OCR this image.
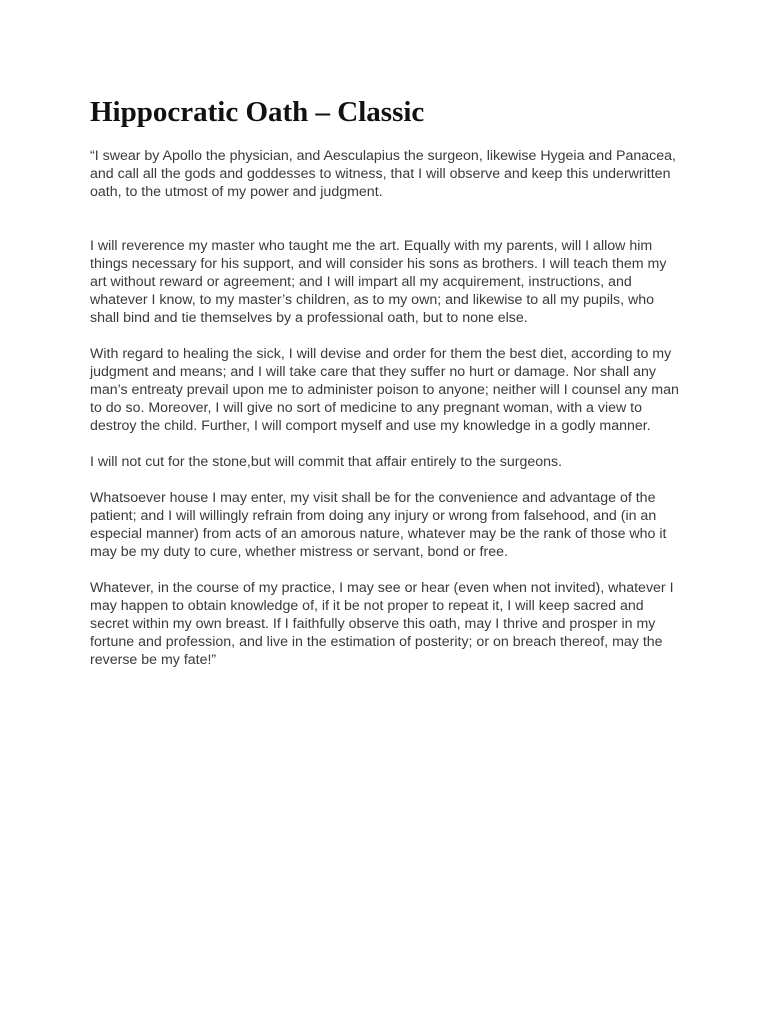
Hippocratic Oath – Classic

“I swear by Apollo the physician, and Aesculapius the surgeon, likewise Hygeia and Panacea, and call all the gods and goddesses to witness, that I will observe and keep this underwritten oath, to the utmost of my power and judgment.

I will reverence my master who taught me the art. Equally with my parents, will I allow him things necessary for his support, and will consider his sons as brothers. I will teach them my art without reward or agreement; and I will impart all my acquirement, instructions, and whatever I know, to my master’s children, as to my own; and likewise to all my pupils, who shall bind and tie themselves by a professional oath, but to none else.

With regard to healing the sick, I will devise and order for them the best diet, according to my judgment and means; and I will take care that they suffer no hurt or damage. Nor shall any man’s entreaty prevail upon me to administer poison to anyone; neither will I counsel any man to do so. Moreover, I will give no sort of medicine to any pregnant woman, with a view to destroy the child. Further, I will comport myself and use my knowledge in a godly manner.

I will not cut for the stone,but will commit that affair entirely to the surgeons.

Whatsoever house I may enter, my visit shall be for the convenience and advantage of the patient; and I will willingly refrain from doing any injury or wrong from falsehood, and (in an especial manner) from acts of an amorous nature, whatever may be the rank of those who it may be my duty to cure, whether mistress or servant, bond or free.

Whatever, in the course of my practice, I may see or hear (even when not invited), whatever I may happen to obtain knowledge of, if it be not proper to repeat it, I will keep sacred and secret within my own breast. If I faithfully observe this oath, may I thrive and prosper in my fortune and profession, and live in the estimation of posterity; or on breach thereof, may the reverse be my fate!”
